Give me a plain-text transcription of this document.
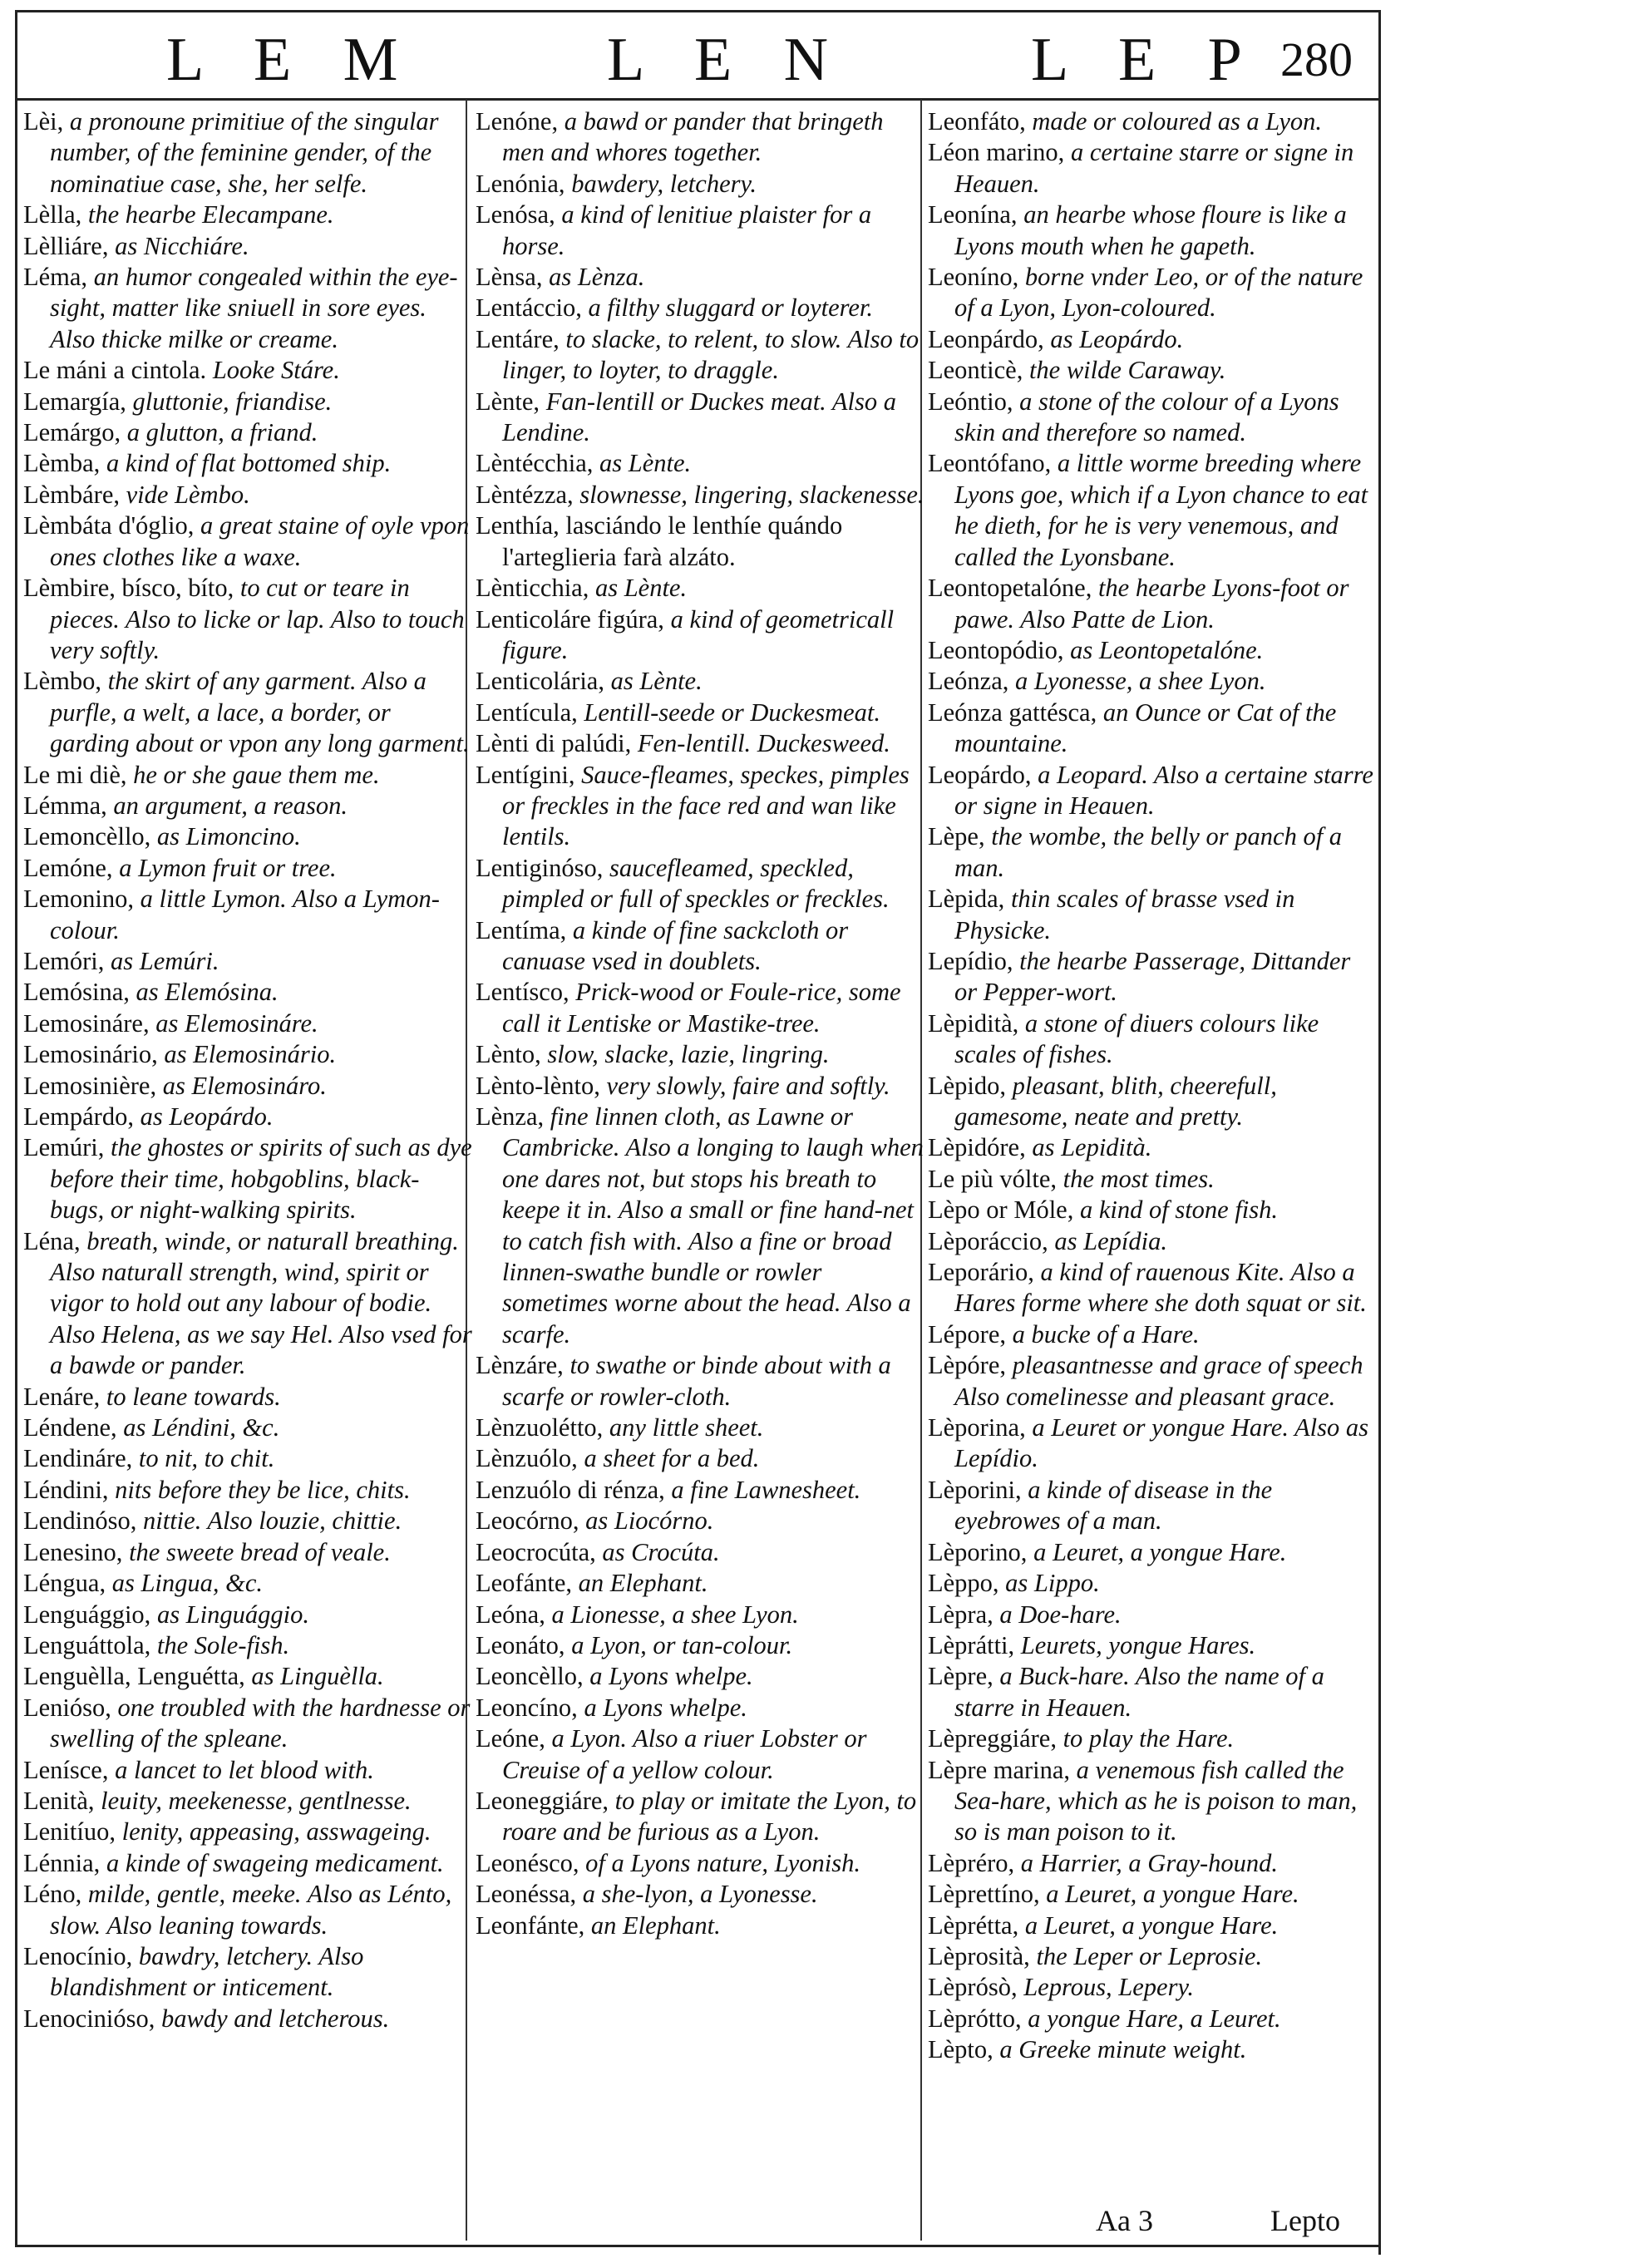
L E M	L E N	L E P 280

Lèi, a pronoune primitiue of the singular number, of the feminine gender, of the nominatiue case, she, her selfe.

Lèlla, the hearbe Elecampane.

Lèlliáre, as Nicchiáre.

Léma, an humor congealed within the eye-sight, matter like sniuell in sore eyes. Also thicke milke or creame.

Le máni a cintola. Looke Stáre.

Lemargía, gluttonie, friandise.

Lemárgo, a glutton, a friand.

Lèmba, a kind of flat bottomed ship.

Lèmbáre, vide Lèmbo.

Lèmbáta d'óglio, a great staine of oyle vpon ones clothes like a waxe.

Lèmbire, bísco, bíto, to cut or teare in pieces. Also to licke or lap. Also to touch very softly.

Lèmbo, the skirt of any garment. Also a purfle, a welt, a lace, a border, or garding about or vpon any long garment.

Le mi diè, he or she gaue them me.

Lémma, an argument, a reason.

Lemoncèllo, as Limoncino.

Lemóne, a Lymon fruit or tree.

Lemonino, a little Lymon. Also a Lymon-colour.

Lemóri, as Lemúri.

Lemósina, as Elemósina.

Lemosináre, as Elemosináre.

Lemosinário, as Elemosinário.

Lemosinière, as Elemosináro.

Lempárdo, as Leopárdo.

Lemúri, the ghostes or spirits of such as dye before their time, hobgoblins, black-bugs, or night-walking spirits.

Léna, breath, winde, or naturall breathing. Also naturall strength, wind, spirit or vigor to hold out any labour of bodie. Also Helena, as we say Hel. Also vsed for a bawde or pander.

Lenáre, to leane towards.

Léndene, as Léndini, &c.

Lendináre, to nit, to chit.

Léndini, nits before they be lice, chits.

Lendinóso, nittie. Also louzie, chittie.

Lenesino, the sweete bread of veale.

Léngua, as Lingua, &c.

Lenguággio, as Linguággio.

Lenguáttola, the Sole-fish.

Lenguèlla, Lenguétta, as Linguèlla.

Lenióso, one troubled with the hardnesse or swelling of the spleane.

Lenísce, a lancet to let blood with.

Lenità, leuity, meekenesse, gentlnesse.

Lenitíuo, lenity, appeasing, asswageing.

Lénnia, a kinde of swageing medicament.

Léno, milde, gentle, meeke. Also as Lénto, slow. Also leaning towards.

Lenocínio, bawdry, letchery. Also blandishment or inticement.

Lenocinióso, bawdy and letcherous.

Lenóne, a bawd or pander that bringeth men and whores together.

Lenónia, bawdery, letchery.

Lenósa, a kind of lenitiue plaister for a horse.

Lènsa, as Lènza.

Lentáccio, a filthy sluggard or loyterer.

Lentáre, to slacke, to relent, to slow. Also to linger, to loyter, to draggle.

Lènte, Fan-lentill or Duckes meat. Also a Lendine.

Lèntécchia, as Lènte.

Lèntézza, slownesse, lingering, slackenesse.

Lenthía, lasciándo le lenthíe quándo l'arteglieria farà alzáto.

Lènticchia, as Lènte.

Lenticoláre figúra, a kind of geometricall figure.

Lenticolária, as Lènte.

Lentícula, Lentill-seede or Duckesmeat.

Lènti di palúdi, Fen-lentill. Duckesweed.

Lentígini, Sauce-fleames, speckes, pimples or freckles in the face red and wan like lentils.

Lentiginóso, saucefleamed, speckled, pimpled or full of speckles or freckles.

Lentíma, a kinde of fine sackcloth or canuase vsed in doublets.

Lentísco, Prick-wood or Foule-rice, some call it Lentiske or Mastike-tree.

Lènto, slow, slacke, lazie, lingring.

Lènto-lènto, very slowly, faire and softly.

Lènza, fine linnen cloth, as Lawne or Cambricke. Also a longing to laugh when one dares not, but stops his breath to keepe it in. Also a small or fine hand-net to catch fish with. Also a fine or broad linnen-swathe bundle or rowler sometimes worne about the head. Also a scarfe.

Lènzáre, to swathe or binde about with a scarfe or rowler-cloth.

Lènzuolétto, any little sheet.

Lènzuólo, a sheet for a bed.

Lenzuólo di rénza, a fine Lawnesheet.

Leocórno, as Liocórno.

Leocrocúta, as Crocúta.

Leofánte, an Elephant.

Leóna, a Lionesse, a shee Lyon.

Leonáto, a Lyon, or tan-colour.

Leoncèllo, a Lyons whelpe.

Leoncíno, a Lyons whelpe.

Leóne, a Lyon. Also a riuer Lobster or Creuise of a yellow colour.

Leoneggiáre, to play or imitate the Lyon, to roare and be furious as a Lyon.

Leonésco, of a Lyons nature, Lyonish.

Leonéssa, a she-lyon, a Lyonesse.

Leonfánte, an Elephant.

Leonfáto, made or coloured as a Lyon.

Léon marino, a certaine starre or signe in Heauen.

Leonína, an hearbe whose floure is like a Lyons mouth when he gapeth.

Leoníno, borne vnder Leo, or of the nature of a Lyon, Lyon-coloured.

Leonpárdo, as Leopárdo.

Leonticè, the wilde Caraway.

Leóntio, a stone of the colour of a Lyons skin and therefore so named.

Leontófano, a little worme breeding where Lyons goe, which if a Lyon chance to eat he dieth, for he is very venemous, and called the Lyonsbane.

Leontopetalóne, the hearbe Lyons-foot or pawe. Also Patte de Lion.

Leontopódio, as Leontopetalóne.

Leónza, a Lyonesse, a shee Lyon.

Leónza gattésca, an Ounce or Cat of the mountaine.

Leopárdo, a Leopard. Also a certaine starre or signe in Heauen.

Lèpe, the wombe, the belly or panch of a man.

Lèpida, thin scales of brasse vsed in Physicke.

Lepídio, the hearbe Passerage, Dittander or Pepper-wort.

Lèpidità, a stone of diuers colours like scales of fishes.

Lèpido, pleasant, blith, cheerefull, gamesome, neate and pretty.

Lèpidóre, as Lepidità.

Le più vólte, the most times.

Lèpo or Móle, a kind of stone fish.

Lèporáccio, as Lepídia.

Leporário, a kind of rauenous Kite. Also a Hares forme where she doth squat or sit.

Lépore, a bucke of a Hare.

Lèpóre, pleasantnesse and grace of speech Also comelinesse and pleasant grace.

Lèporina, a Leuret or yongue Hare. Also as Lepídio.

Lèporini, a kinde of disease in the eyebrowes of a man.

Lèporino, a Leuret, a yongue Hare.

Lèppo, as Lippo.

Lèpra, a Doe-hare.

Lèprátti, Leurets, yongue Hares.

Lèpre, a Buck-hare. Also the name of a starre in Heauen.

Lèpreggiáre, to play the Hare.

Lèpre marina, a venemous fish called the Sea-hare, which as he is poison to man, so is man poison to it.

Lèpréro, a Harrier, a Gray-hound.

Lèprettíno, a Leuret, a yongue Hare.

Lèprétta, a Leuret, a yongue Hare.

Lèprosità, the Leper or Leprosie.

Lèprósò, Leprous, Lepery.

Lèprótto, a yongue Hare, a Leuret.

Lèpto, a Greeke minute weight.

Aa 3	Lepto
